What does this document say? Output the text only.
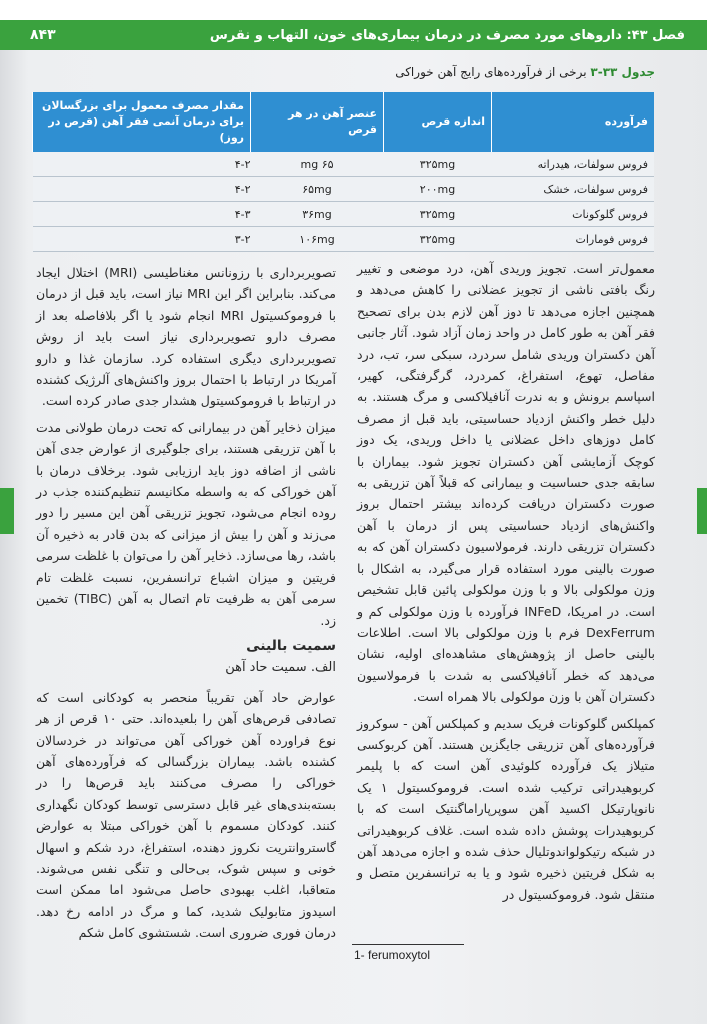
فصل ۴۳: داروهای مورد مصرف در درمان بیماری‌های خون، التهاب و نقرس
۸۴۳
جدول ۳۳-۳ برخی از فرآورده‌های رایج آهن خوراکی
فرآورده	اندازه قرص	عنصر آهن در هر قرص	مقدار مصرف معمول برای بزرگسالان برای درمان آنمی فقر آهن (قرص در روز)
فروس سولفات، هیدراته	۳۲۵mg	۶۵ mg	۴-۲
فروس سولفات، خشک	۲۰۰mg	۶۵mg	۴-۲
فروس گلوکونات	۳۲۵mg	۳۶mg	۴-۳
فروس فومارات	۳۲۵mg	۱۰۶mg	۳-۲

معمول‌تر است. تجویز وریدی آهن، درد موضعی و تغییر رنگ بافتی ناشی از تجویز عضلانی را کاهش می‌دهد و همچنین اجازه می‌دهد تا دوز آهن لازم بدن برای تصحیح فقر آهن به طور کامل در واحد زمان آزاد شود. آثار جانبی آهن دکستران وریدی شامل سردرد، سبکی سر، تب، درد مفاصل، تهوع، استفراغ، کمردرد، گرگرفتگی، کهیر، اسپاسم برونش و به ندرت آنافیلاکسی و مرگ هستند. به دلیل خطر واکنش ازدیاد حساسیتی، باید قبل از مصرف کامل دوزهای داخل عضلانی یا داخل وریدی، یک دوز کوچک آزمایشی آهن دکستران تجویز شود. بیماران با سابقه جدی حساسیت و بیمارانی که قبلاً آهن تزریقی به صورت دکستران دریافت کرده‌اند بیشتر احتمال بروز واکنش‌های ازدیاد حساسیتی پس از درمان با آهن دکستران تزریقی دارند. فرمولاسیون دکستران آهن که به صورت بالینی مورد استفاده قرار می‌گیرد، به اشکال با وزن مولکولی بالا و با وزن مولکولی پائین قابل تشخیص است. در امریکا، INFeD فرآورده با وزن مولکولی کم و DexFerrum فرم با وزن مولکولی بالا است. اطلاعات بالینی حاصل از پژوهش‌های مشاهده‌ای اولیه، نشان می‌دهد که خطر آنافیلاکسی به شدت با فرمولاسیون دکستران آهن با وزن مولکولی بالا همراه است.

کمپلکس گلوکونات فریک سدیم و کمپلکس آهن - سوکروز فرآورده‌های آهن تزریقی جایگزین هستند. آهن کربوکسی متیلاز یک فرآورده کلوئیدی آهن است که با پلیمر کربوهیدراتی ترکیب شده است. فروموکسیتول ۱ یک نانوپارتیکل اکسید آهن سوپرپاراماگنتیک است که با کربوهیدرات پوشش داده شده است. غلاف کربوهیدراتی در شبکه رتیکولواندوتلیال حذف شده و اجازه می‌دهد آهن به شکل فریتین ذخیره شود و یا به ترانسفرین متصل و منتقل شود. فروموکسیتول در

تصویربرداری با رزونانس مغناطیسی (MRI) اختلال ایجاد می‌کند. بنابراین اگر این MRI نیاز است، باید قبل از درمان با فروموکسیتول MRI انجام شود یا اگر بلافاصله بعد از مصرف دارو تصویربرداری نیاز است باید از روش تصویربرداری دیگری استفاده کرد. سازمان غذا و دارو آمریکا در ارتباط با احتمال بروز واکنش‌های آلرژیک کشنده در ارتباط با فروموکسیتول هشدار جدی صادر کرده است.

میزان ذخایر آهن در بیمارانی که تحت درمان طولانی مدت با آهن تزریقی هستند، برای جلوگیری از عوارض جدی آهن ناشی از اضافه دوز باید ارزیابی شود. برخلاف درمان با آهن خوراکی که به واسطه مکانیسم تنظیم‌کننده جذب در روده انجام می‌شود، تجویز تزریقی آهن این مسیر را دور می‌زند و آهن را بیش از میزانی که بدن قادر به ذخیره آن باشد، رها می‌سازد. ذخایر آهن را می‌توان با غلظت سرمی فریتین و میزان اشباع ترانسفرین، نسبت غلظت تام سرمی آهن به ظرفیت تام اتصال به آهن (TIBC) تخمین زد.

سمیت بالینی
الف. سمیت حاد آهن

عوارض حاد آهن تقریباً منحصر به کودکانی است که تصادفی قرص‌های آهن را بلعیده‌اند. حتی ۱۰ قرص از هر نوع فراورده آهن خوراکی آهن می‌تواند در خردسالان کشنده باشد. بیماران بزرگسالی که فرآورده‌های آهن خوراکی را مصرف می‌کنند باید قرص‌ها را در بسته‌بندی‌های غیر قابل دسترسی توسط کودکان نگهداری کنند. کودکان مسموم با آهن خوراکی مبتلا به عوارض گاستروانتریت نکروز دهنده، استفراغ، درد شکم و اسهال خونی و سپس شوک، بی‌حالی و تنگی نفس می‌شوند. متعاقبا، اغلب بهبودی حاصل می‌شود اما ممکن است اسیدوز متابولیک شدید، کما و مرگ در ادامه رخ دهد. درمان فوری ضروری است. شستشوی کامل شکم

1- ferumoxytol
